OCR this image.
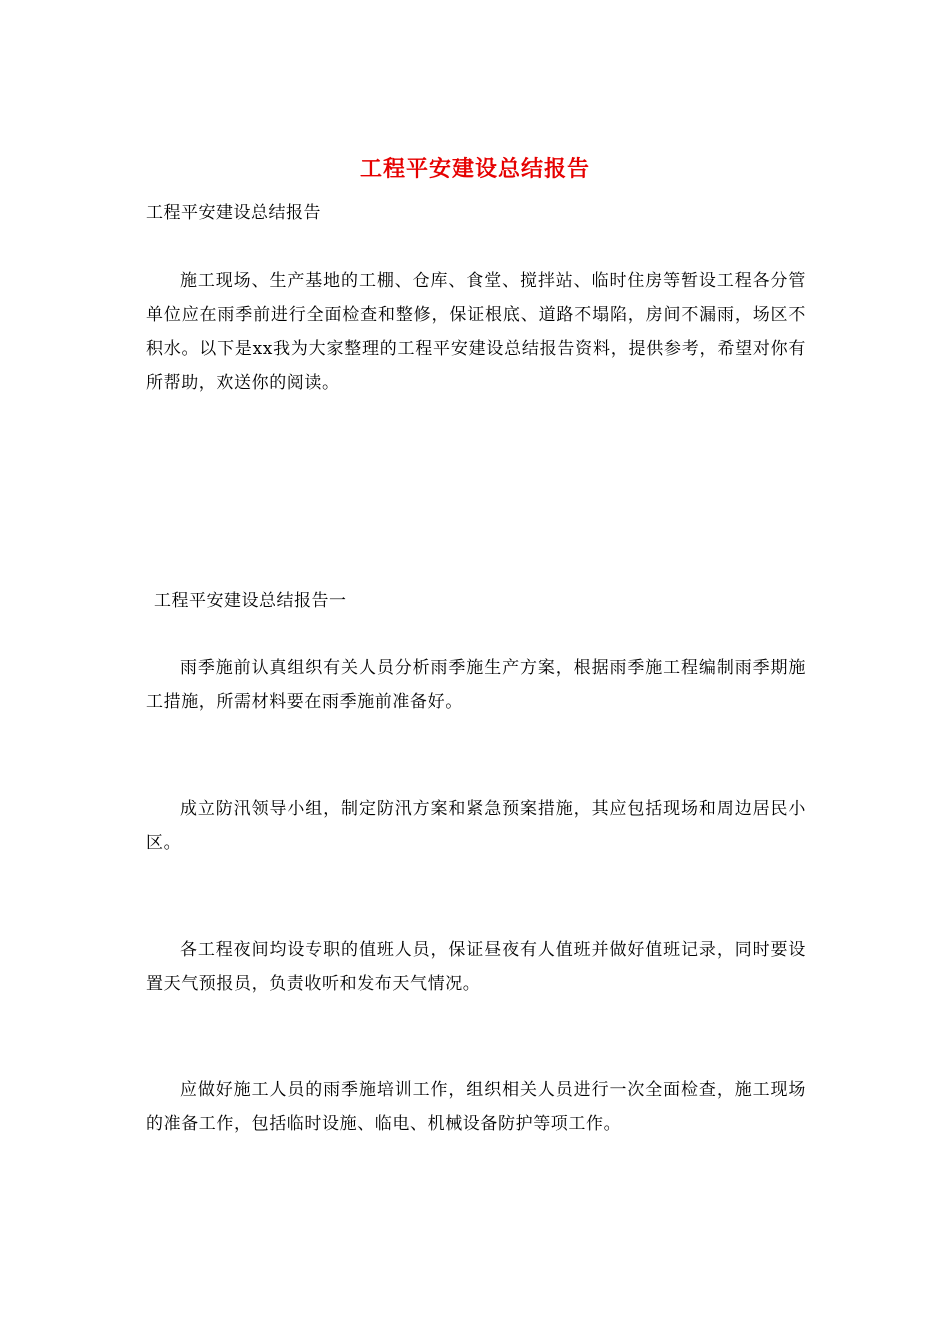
工程平安建设总结报告
工程平安建设总结报告

施工现场、生产基地的工棚、仓库、食堂、搅拌站、临时住房等暂设工程各分管单位应在雨季前进行全面检查和整修，保证根底、道路不塌陷，房间不漏雨，场区不积水。以下是xx我为大家整理的工程平安建设总结报告资料，提供参考，希望对你有所帮助，欢送你的阅读。

工程平安建设总结报告一

雨季施前认真组织有关人员分析雨季施生产方案，根据雨季施工程编制雨季期施工措施，所需材料要在雨季施前准备好。

成立防汛领导小组，制定防汛方案和紧急预案措施，其应包括现场和周边居民小区。

各工程夜间均设专职的值班人员，保证昼夜有人值班并做好值班记录，同时要设置天气预报员，负责收听和发布天气情况。

应做好施工人员的雨季施培训工作，组织相关人员进行一次全面检查，施工现场的准备工作，包括临时设施、临电、机械设备防护等项工作。
